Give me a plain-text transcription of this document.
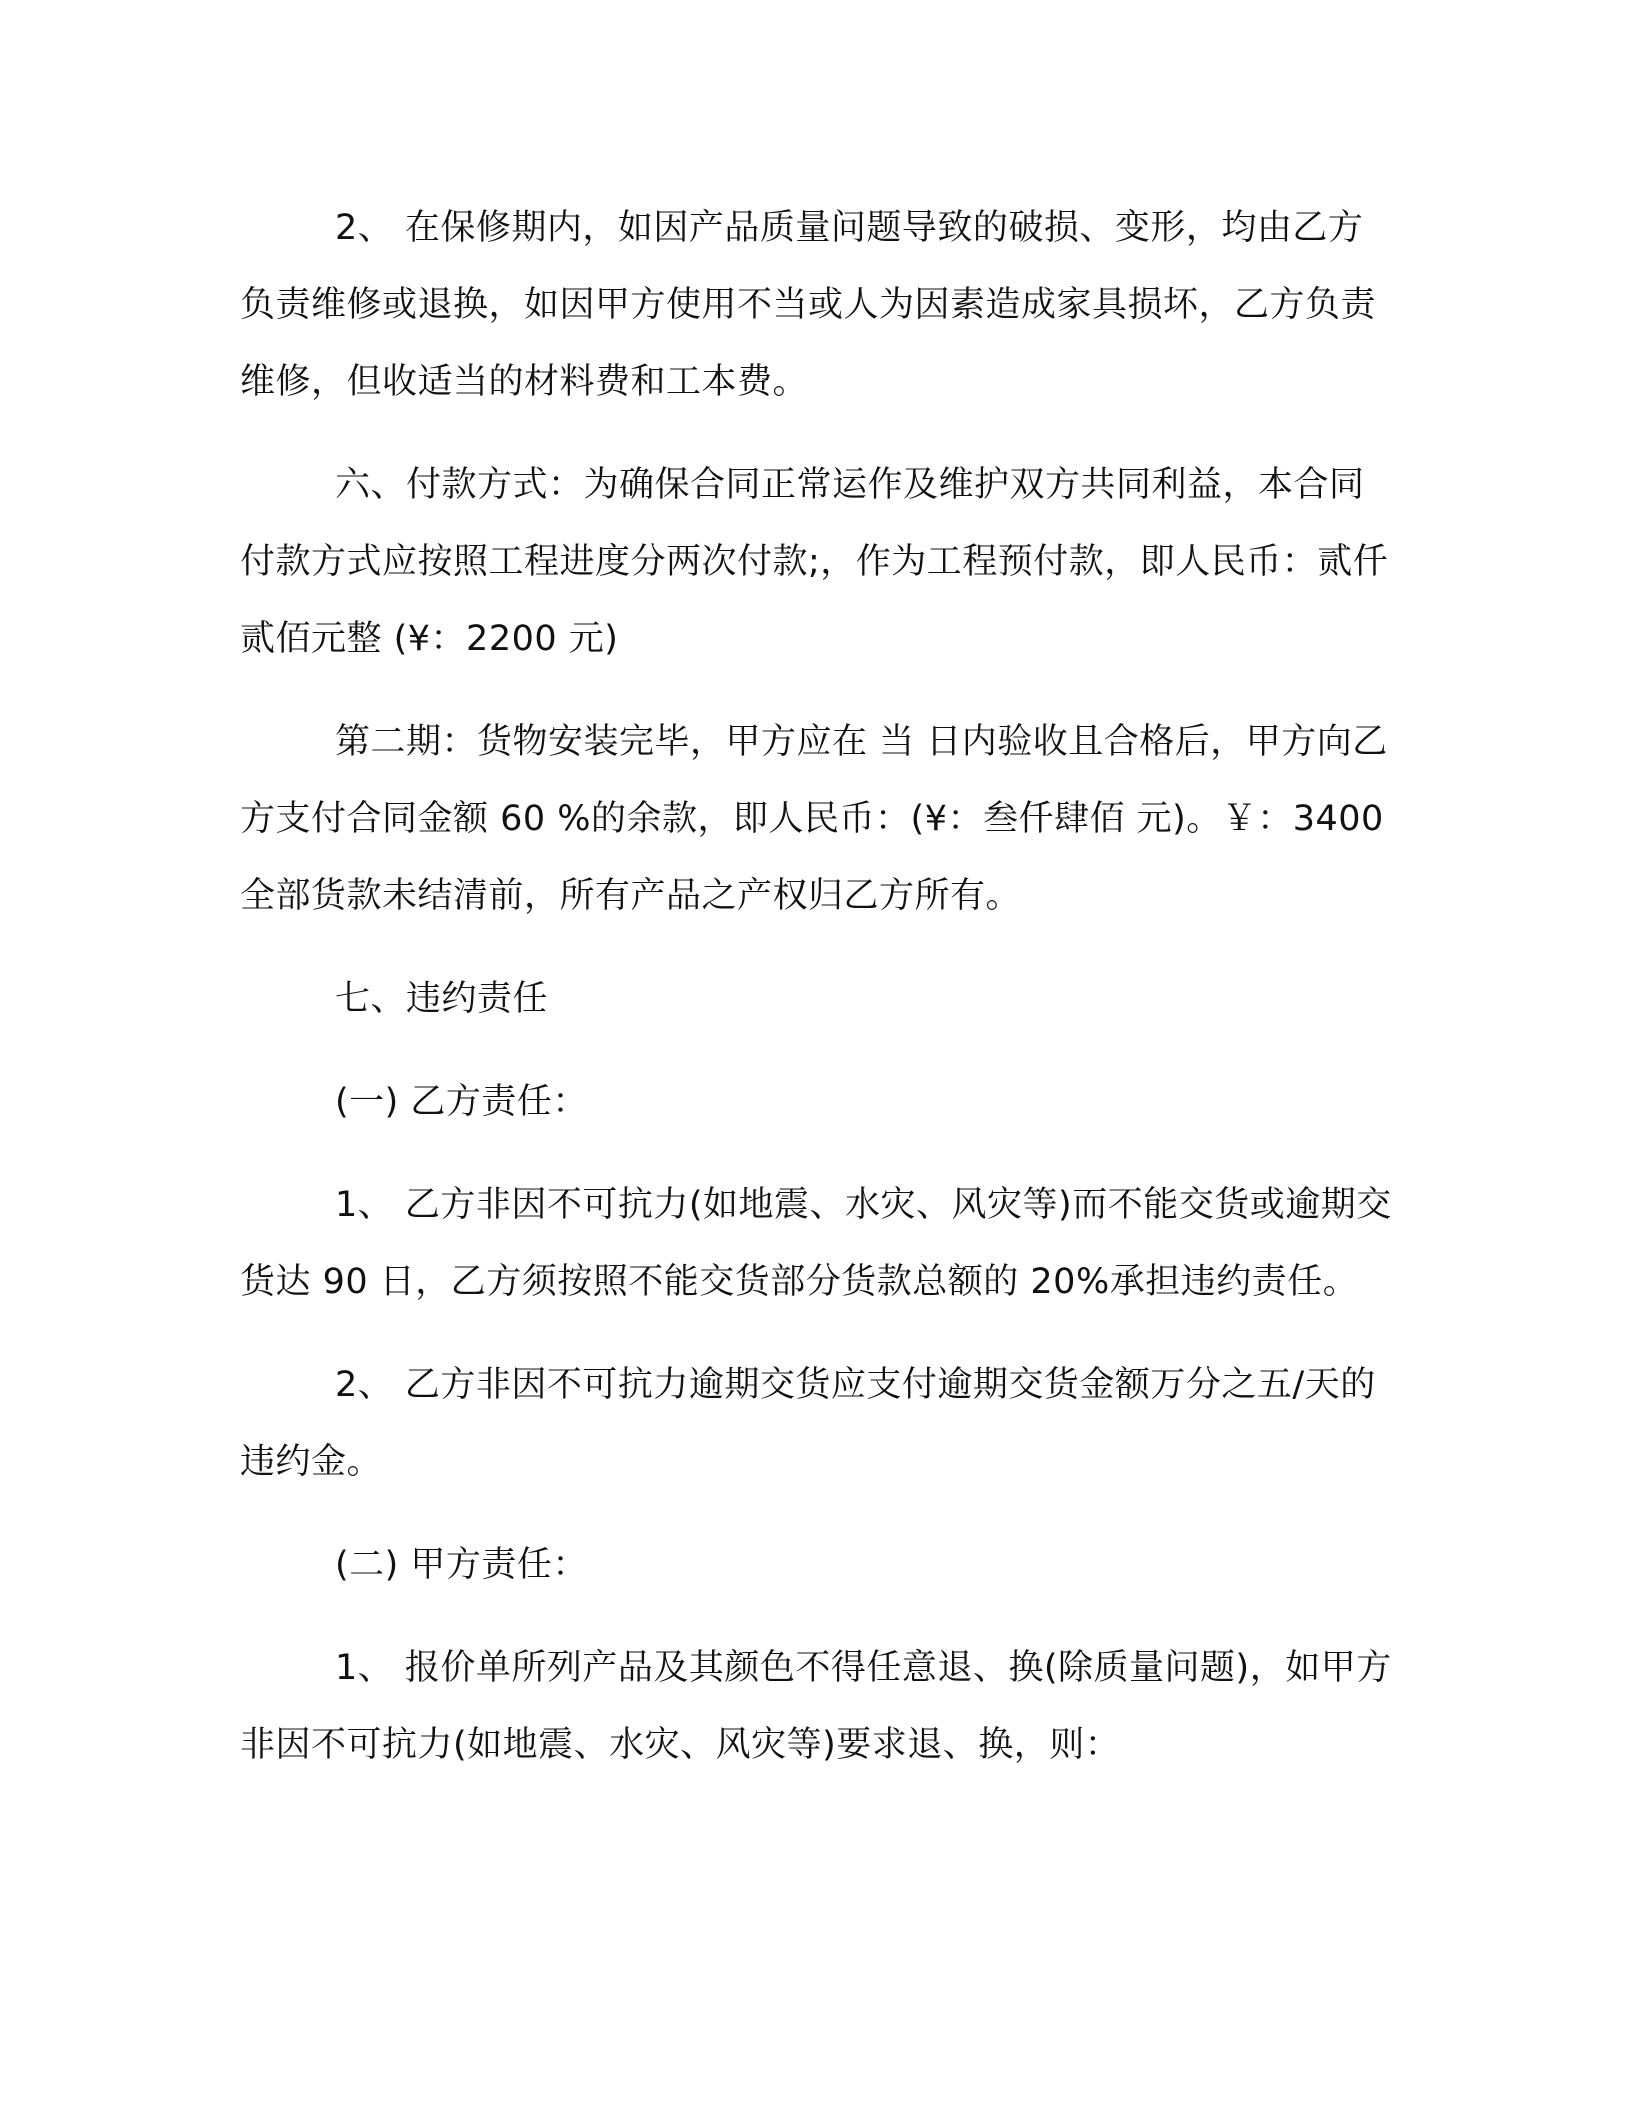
2、 在保修期内，如因产品质量问题导致的破损、变形，均由乙方负责维修或退换，如因甲方使用不当或人为因素造成家具损坏，乙方负责维修，但收适当的材料费和工本费。

六、付款方式：为确保合同正常运作及维护双方共同利益，本合同付款方式应按照工程进度分两次付款;，作为工程预付款，即人民币：贰仟贰佰元整 (¥：2200 元)

第二期：货物安装完毕，甲方应在 当 日内验收且合格后，甲方向乙方支付合同金额 60 %的余款，即人民币：(¥：叁仟肆佰 元)。￥：3400 全部货款未结清前，所有产品之产权归乙方所有。

七、违约责任

(一) 乙方责任：

1、 乙方非因不可抗力(如地震、水灾、风灾等)而不能交货或逾期交货达 90 日，乙方须按照不能交货部分货款总额的 20%承担违约责任。

2、 乙方非因不可抗力逾期交货应支付逾期交货金额万分之五/天的违约金。

(二) 甲方责任：

1、 报价单所列产品及其颜色不得任意退、换(除质量问题)，如甲方非因不可抗力(如地震、水灾、风灾等)要求退、换，则：
